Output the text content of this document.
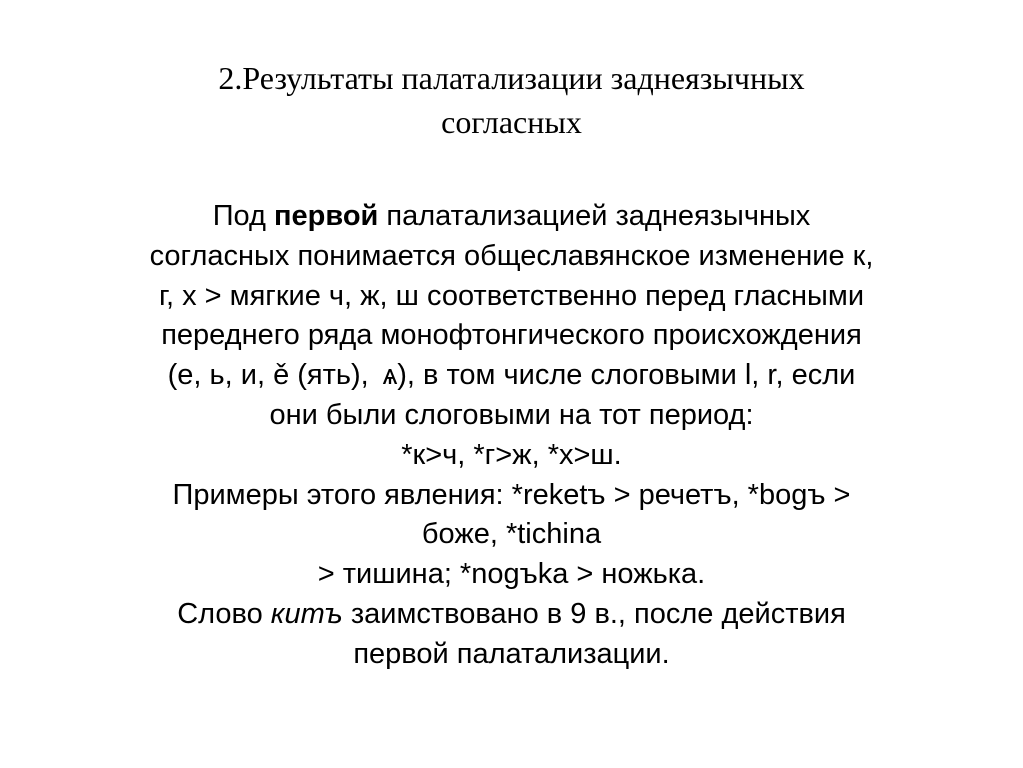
2.Результаты палатализации заднеязычных
согласных
Под первой палатализацией заднеязычных
согласных понимается общеславянское изменение к,
г, х > мягкие ч, ж, ш соответственно перед гласными
переднего ряда монофтонгического происхождения
(е, ь, и, ě (ять), ѧ), в том числе слоговыми l, r, если
они были слоговыми на тот период:
*к>ч, *г>ж, *х>ш.
Примеры этого явления: *reketъ > речетъ, *bogъ >
боже, *tichina
> тишина; *nogъka > ножька.
Слово китъ заимствовано в 9 в., после действия
первой палатализации.
